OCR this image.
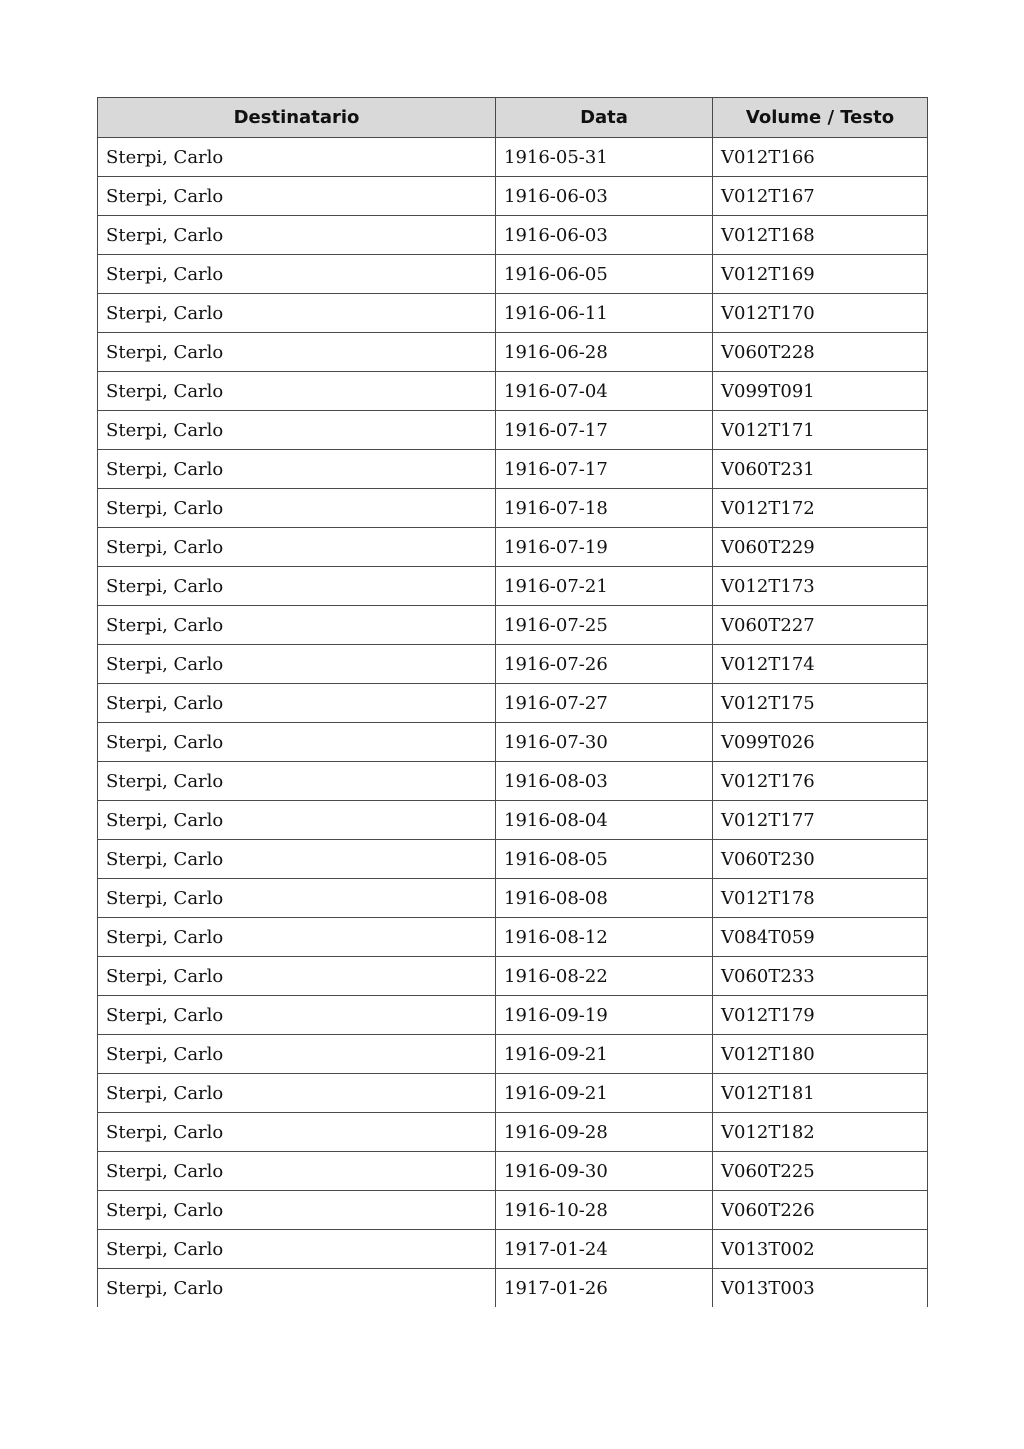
Destinatario	Data	Volume / Testo
Sterpi, Carlo	1916-05-31	V012T166
Sterpi, Carlo	1916-06-03	V012T167
Sterpi, Carlo	1916-06-03	V012T168
Sterpi, Carlo	1916-06-05	V012T169
Sterpi, Carlo	1916-06-11	V012T170
Sterpi, Carlo	1916-06-28	V060T228
Sterpi, Carlo	1916-07-04	V099T091
Sterpi, Carlo	1916-07-17	V012T171
Sterpi, Carlo	1916-07-17	V060T231
Sterpi, Carlo	1916-07-18	V012T172
Sterpi, Carlo	1916-07-19	V060T229
Sterpi, Carlo	1916-07-21	V012T173
Sterpi, Carlo	1916-07-25	V060T227
Sterpi, Carlo	1916-07-26	V012T174
Sterpi, Carlo	1916-07-27	V012T175
Sterpi, Carlo	1916-07-30	V099T026
Sterpi, Carlo	1916-08-03	V012T176
Sterpi, Carlo	1916-08-04	V012T177
Sterpi, Carlo	1916-08-05	V060T230
Sterpi, Carlo	1916-08-08	V012T178
Sterpi, Carlo	1916-08-12	V084T059
Sterpi, Carlo	1916-08-22	V060T233
Sterpi, Carlo	1916-09-19	V012T179
Sterpi, Carlo	1916-09-21	V012T180
Sterpi, Carlo	1916-09-21	V012T181
Sterpi, Carlo	1916-09-28	V012T182
Sterpi, Carlo	1916-09-30	V060T225
Sterpi, Carlo	1916-10-28	V060T226
Sterpi, Carlo	1917-01-24	V013T002
Sterpi, Carlo	1917-01-26	V013T003
